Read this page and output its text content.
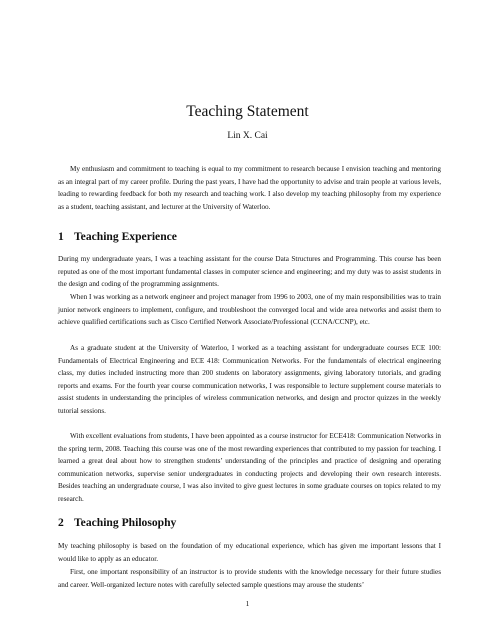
Teaching Statement
Lin X. Cai

My enthusiasm and commitment to teaching is equal to my commitment to research because I envision teaching and mentoring as an integral part of my career profile. During the past years, I have had the opportunity to advise and train people at various levels, leading to rewarding feedback for both my research and teaching work. I also develop my teaching philosophy from my experience as a student, teaching assistant, and lecturer at the University of Waterloo.

1 Teaching Experience

During my undergraduate years, I was a teaching assistant for the course Data Structures and Programming. This course has been reputed as one of the most important fundamental classes in computer science and engineering; and my duty was to assist students in the design and coding of the programming assignments.

When I was working as a network engineer and project manager from 1996 to 2003, one of my main responsibilities was to train junior network engineers to implement, configure, and troubleshoot the converged local and wide area networks and assist them to achieve qualified certifications such as Cisco Certified Network Associate/Professional (CCNA/CCNP), etc.

As a graduate student at the University of Waterloo, I worked as a teaching assistant for undergraduate courses ECE 100: Fundamentals of Electrical Engineering and ECE 418: Communication Networks. For the fundamentals of electrical engineering class, my duties included instructing more than 200 students on laboratory assignments, giving laboratory tutorials, and grading reports and exams. For the fourth year course communication networks, I was responsible to lecture supplement course materials to assist students in understanding the principles of wireless communication networks, and design and proctor quizzes in the weekly tutorial sessions.

With excellent evaluations from students, I have been appointed as a course instructor for ECE418: Communication Networks in the spring term, 2008. Teaching this course was one of the most rewarding experiences that contributed to my passion for teaching. I learned a great deal about how to strengthen students’ understanding of the principles and practice of designing and operating communication networks, supervise senior undergraduates in conducting projects and developing their own research interests. Besides teaching an undergraduate course, I was also invited to give guest lectures in some graduate courses on topics related to my research.

2 Teaching Philosophy

My teaching philosophy is based on the foundation of my educational experience, which has given me important lessons that I would like to apply as an educator.

First, one important responsibility of an instructor is to provide students with the knowledge necessary for their future studies and career. Well-organized lecture notes with carefully selected sample questions may arouse the students’

1
